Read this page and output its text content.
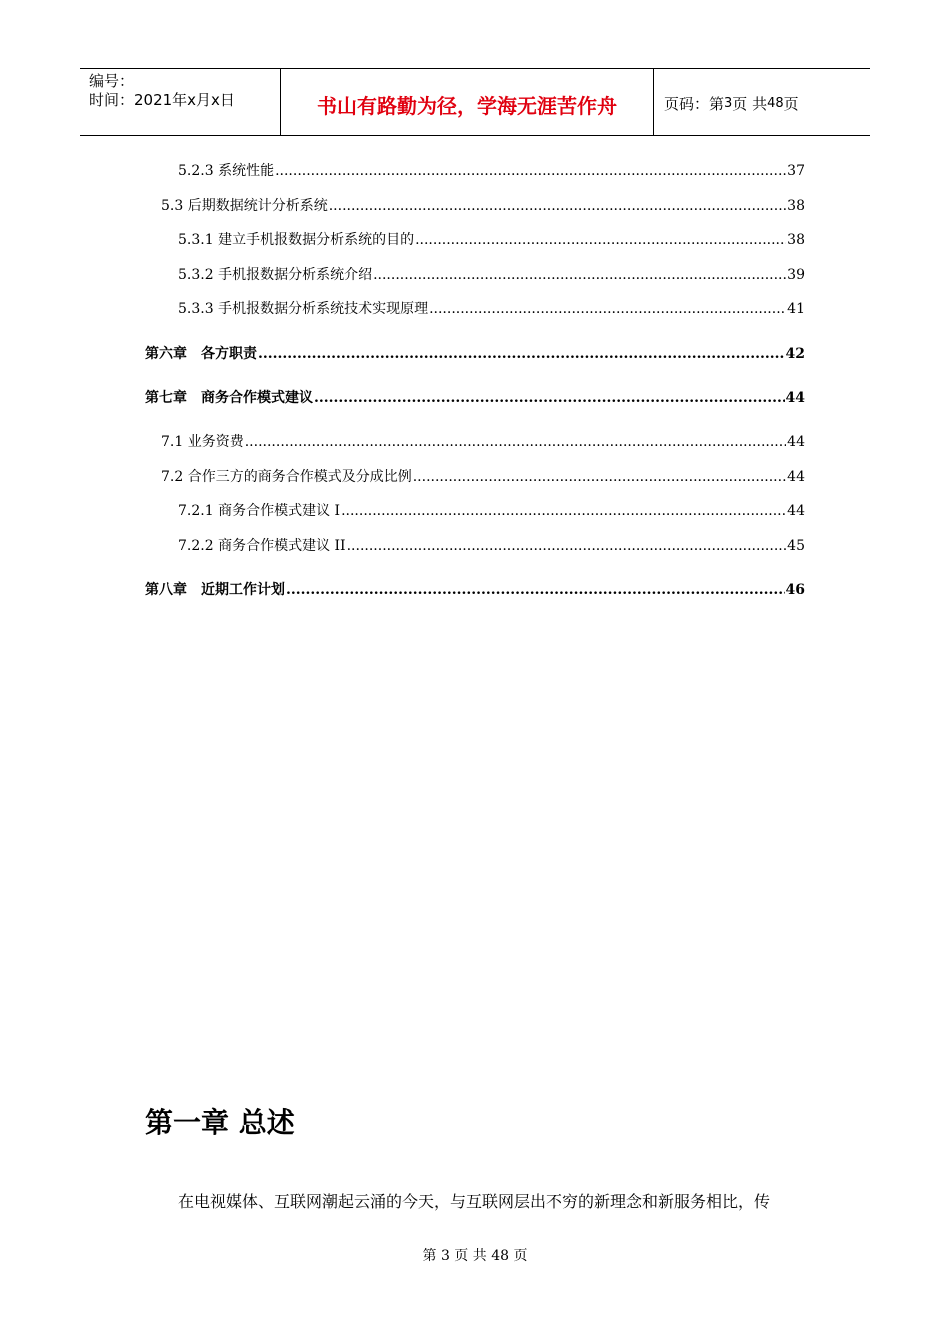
编号：
时间：2021年x月x日	书山有路勤为径，学海无涯苦作舟	页码：第 3 页 共 48 页
5.2.3 系统性能 .....	37
5.3 后期数据统计分析系统 .....	38
5.3.1 建立手机报数据分析系统的目的 .....	38
5.3.2 手机报数据分析系统介绍 .....	39
5.3.3 手机报数据分析系统技术实现原理 .....	41
第六章　各方职责 .....	42
第七章　商务合作模式建议 .....	44
7.1 业务资费 .....	44
7.2 合作三方的商务合作模式及分成比例 .....	44
7.2.1 商务合作模式建议 I .....	44
7.2.2 商务合作模式建议 II .....	45
第八章　近期工作计划 .....	46
第一章 总述
在电视媒体、互联网潮起云涌的今天，与互联网层出不穷的新理念和新服务相比，传
第 3 页 共 48 页
